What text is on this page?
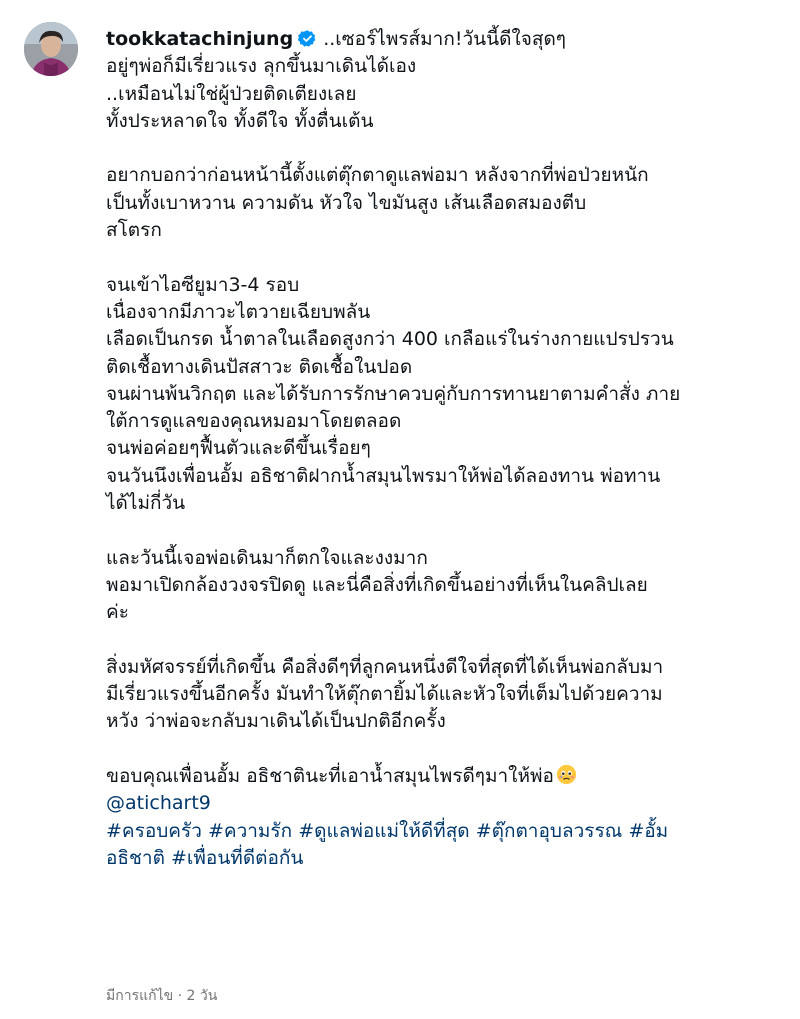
tookkatachinjung ..เซอร์ไพรส์มาก!วันนี้ดีใจสุดๆ
อยู่ๆพ่อก็มีเรี่ยวแรง ลุกขึ้นมาเดินได้เอง
..เหมือนไม่ใช่ผู้ป่วยติดเตียงเลย
ทั้งประหลาดใจ ทั้งดีใจ ทั้งตื่นเต้น
อยากบอกว่าก่อนหน้านี้ตั้งแต่ตุ๊กตาดูแลพ่อมา หลังจากที่พ่อป่วยหนัก
เป็นทั้งเบาหวาน ความดัน หัวใจ ไขมันสูง เส้นเลือดสมองตีบ
สโตรก
จนเข้าไอซียูมา3-4 รอบ
เนื่องจากมีภาวะไตวายเฉียบพลัน
เลือดเป็นกรด น้ำตาลในเลือดสูงกว่า 400 เกลือแร่ในร่างกายแปรปรวน
ติดเชื้อทางเดินปัสสาวะ ติดเชื้อในปอด
จนผ่านพ้นวิกฤต และได้รับการรักษาควบคู่กับการทานยาตามคำสั่ง ภาย
ใต้การดูแลของคุณหมอมาโดยตลอด
จนพ่อค่อยๆฟื้นตัวและดีขึ้นเรื่อยๆ
จนวันนึงเพื่อนอั้ม อธิชาติฝากน้ำสมุนไพรมาให้พ่อได้ลองทาน พ่อทาน
ได้ไม่กี่วัน
และวันนี้เจอพ่อเดินมาก็ตกใจและงงมาก
พอมาเปิดกล้องวงจรปิดดู และนี่คือสิ่งที่เกิดขึ้นอย่างที่เห็นในคลิปเลย
ค่ะ
สิ่งมหัศจรรย์ที่เกิดขึ้น คือสิ่งดีๆที่ลูกคนหนึ่งดีใจที่สุดที่ได้เห็นพ่อกลับมา
มีเรี่ยวแรงขึ้นอีกครั้ง มันทำให้ตุ๊กตายิ้มได้และหัวใจที่เต็มไปด้วยความ
หวัง ว่าพ่อจะกลับมาเดินได้เป็นปกติอีกครั้ง
ขอบคุณเพื่อนอั้ม อธิชาตินะที่เอาน้ำสมุนไพรดีๆมาให้พ่อ
@atichart9
#ครอบครัว #ความรัก #ดูแลพ่อแม่ให้ดีที่สุด #ตุ๊กตาอุบลวรรณ #อั้ม
อธิชาติ #เพื่อนที่ดีต่อกัน
มีการแก้ไข · 2 วัน
